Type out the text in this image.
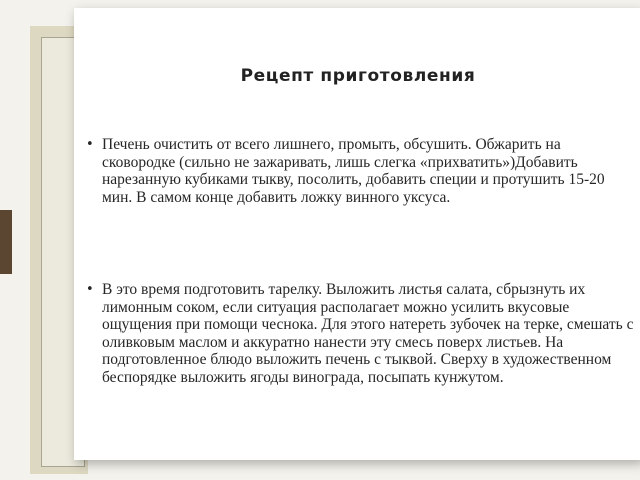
Рецепт приготовления
• Печень очистить от всего лишнего, промыть, обсушить. Обжарить на сковородке (сильно не зажаривать, лишь слегка «прихватить»)Добавить нарезанную кубиками тыкву, посолить, добавить специи и протушить 15-20 мин. В самом конце добавить ложку винного уксуса.
• В это время подготовить тарелку. Выложить листья салата, сбрызнуть их лимонным соком, если ситуация располагает можно усилить вкусовые ощущения при помощи чеснока. Для этого натереть зубочек на терке, смешать с оливковым маслом и аккуратно нанести эту смесь поверх листьев. На подготовленное блюдо выложить печень с тыквой. Сверху в художественном беспорядке выложить ягоды винограда, посыпать кунжутом.
